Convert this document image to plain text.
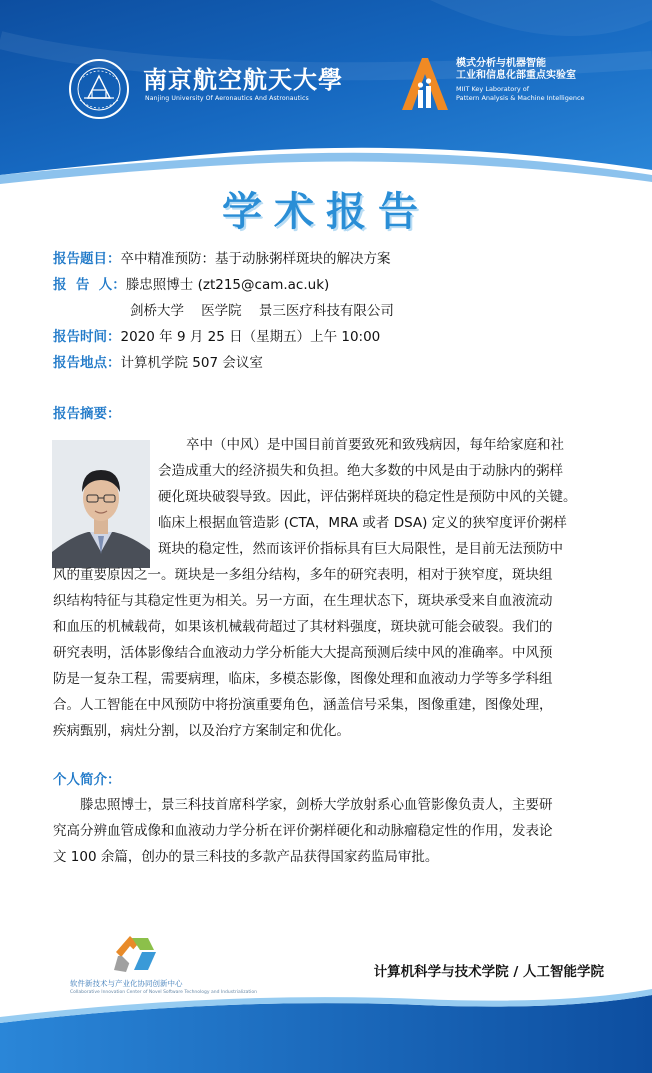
南京航空航天大學
Nanjing University Of Aeronautics And Astronautics
模式分析与机器智能
工业和信息化部重点实验室
MIIT Key Laboratory of
Pattern Analysis & Machine Intelligence
学术报告
报告题目：卒中精准预防：基于动脉粥样斑块的解决方案
报  告  人：滕忠照博士 (zt215@cam.ac.uk)
剑桥大学    医学院    景三医疗科技有限公司
报告时间：2020 年 9 月 25 日（星期五）上午 10:00
报告地点：计算机学院 507 会议室
报告摘要：
卒中（中风）是中国目前首要致死和致残病因，每年给家庭和社
会造成重大的经济损失和负担。绝大多数的中风是由于动脉内的粥样
硬化斑块破裂导致。因此，评估粥样斑块的稳定性是预防中风的关键。
临床上根据血管造影 (CTA，MRA 或者 DSA) 定义的狭窄度评价粥样
斑块的稳定性，然而该评价指标具有巨大局限性，是目前无法预防中
风的重要原因之一。斑块是一多组分结构，多年的研究表明，相对于狭窄度，斑块组
织结构特征与其稳定性更为相关。另一方面，在生理状态下，斑块承受来自血液流动
和血压的机械载荷，如果该机械载荷超过了其材料强度，斑块就可能会破裂。我们的
研究表明，活体影像结合血液动力学分析能大大提高预测后续中风的准确率。中风预
防是一复杂工程，需要病理，临床，多模态影像，图像处理和血液动力学等多学科组
合。人工智能在中风预防中将扮演重要角色，涵盖信号采集，图像重建，图像处理，
疾病甄别，病灶分割，以及治疗方案制定和优化。
个人简介：
滕忠照博士，景三科技首席科学家，剑桥大学放射系心血管影像负责人，主要研
究高分辨血管成像和血液动力学分析在评价粥样硬化和动脉瘤稳定性的作用，发表论
文 100 余篇，创办的景三科技的多款产品获得国家药监局审批。
软件新技术与产业化协同创新中心
Collaborative Innovation Center of Novel Software Technology and Industrialization
计算机科学与技术学院 / 人工智能学院
